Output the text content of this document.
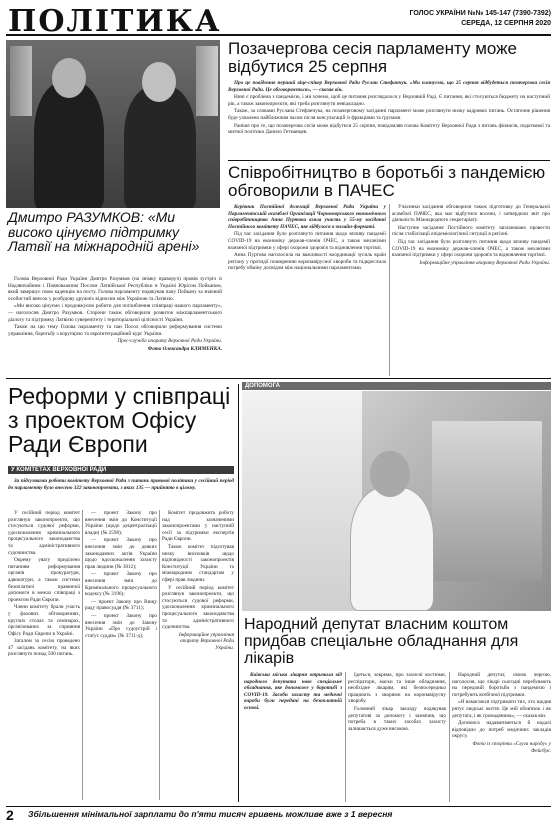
ПОЛІТИКА	ГОЛОС УКРАЇНИ №№ 145-147 (7390-7392)
СЕРЕДА, 12 СЕРПНЯ 2020
Позачергова сесія парламенту може відбутися 25 серпня

Про це повідомив перший віце-спікер Верховної Ради Руслан Стефанчук. «Ми плануємо, що 25 серпня відбудеться позачергова сесія Верховної Ради. Це обговорюється», — сказав він.

Нині є проблема з пандемією, і ми хочемо, щоб це питання розглядалося у Верховній Раді. Є питання, які стосуються бюджету на наступний рік, а також законопроєкти, які треба розглянути невідкладно.

Також, за словами Руслана Стефанчука, на позачерговому засіданні парламент може розглянути низку кадрових питань. Остаточне рішення буде ухвалено найближчим часом після консультацій із фракціями та групами.

Раніше про те, що позачергова сесія може відбутися 25 серпня, повідомляв голова Комітету Верховної Ради з питань фінансів, податкової та митної політики Данило Гетманцев.

Співробітництво в боротьбі з пандемією обговорили в ПАЧЕС

Керівник Постійної делегації Верховної Ради України у Парламентській асамблеї Організації Чорноморського економічного співробітництва Анна Пуртова взяла участь у 55-му засіданні Постійного комітету ПАЧЕС, яке відбулося в онлайн-форматі.

Під час засідання було розглянуто питання щодо впливу пандемії COVID-19 на економіку держав-членів ОЧЕС, а також механізми взаємної підтримки у сфері охорони здоров'я та відновлення торгівлі.

Анна Пуртова наголосила на важливості координації зусиль країн регіону у протидії поширенню коронавірусної хвороби та підкреслила потребу обміну досвідом між національними парламентами.

Учасники засідання обговорили також підготовку до Генеральної асамблеї ПАЧЕС, яка має відбутися восени, і затвердили звіт про діяльність Міжнародного секретаріату.

Наступне засідання Постійного комітету заплановано провести після стабілізації епідеміологічної ситуації в регіоні.

Під час засідання було розглянуто питання щодо впливу пандемії COVID-19 на економіку держав-членів ОЧЕС, а також механізми взаємної підтримки у сфері охорони здоров'я та відновлення торгівлі.

Інформаційне управління апарату Верховної Ради України.

Дмитро РАЗУМКОВ: «Ми високо цінуємо підтримку Латвії на міжнародній арені»

Голова Верховної Ради України Дмитро Разумков (на знімку праворуч) провів зустріч із Надзвичайним і Повноважним Послом Латвійської Республіки в Україні Юрісом Пойканом, який завершує свою каденцію на посту. Голова парламенту подякував пану Пойкану за значний особистий внесок у розбудову дружніх відносин між Україною та Латвією.

«Ми високо цінуємо і продовжуємо робити для поглиблення співпраці нашого парламенту», — наголосив Дмитро Разумков. Сторони також обговорили розвиток міжпарламентського діалогу та підтримку Латвією суверенітету і територіальної цілісності України.

Також на цю тему Голова парламенту та пан Посол обговорили реформування системи управління, боротьбу з корупцією та євроінтеграційний курс України.

Прес-служба апарату Верховної Ради України.

Фото Олександра КЛИМЕНКА.

Реформи у співпраці з проектом Офісу Ради Європи
У КОМІТЕТАХ ВЕРХОВНОЇ РАДИ

За підсумками роботи комітету Верховної Ради з питань правової політики у сесійний період до парламенту було внесено 322 законопроекти, з яких 135 — прийнято в цілому.

У сесійний період комітет розглянув законопроекти, що стосуються судової реформи, удосконалення кримінального процесуального законодавства та адміністративного судочинства.

Окрему увагу приділено питанням реформування органів прокуратури, адвокатури, а також системи безоплатної правничої допомоги в межах співпраці з проектом Ради Європи.

Члени комітету брали участь у фахових обговореннях, круглих столах та семінарах, організованих за сприяння Офісу Ради Європи в Україні.

Загалом за сесію проведено 47 засідань комітету, на яких розглянуто понад 500 питань.

— проект Закону про внесення змін до Конституції України (щодо децентралізації влади) (№ 2598);

— проект Закону про внесення змін до деяких законодавчих актів України щодо вдосконалення захисту прав людини (№ 3012);

— проект Закону про внесення змін до Кримінального процесуального кодексу (№ 3196);

— проект Закону про Вищу раду правосуддя (№ 3711);

— проект Закону про внесення змін до Закону України «Про судоустрій і статус суддів» (№ 3711-д);

Комітет продовжить роботу над зазначеними законопроектами у наступній сесії за підтримки експертів Ради Європи.

Також комітет підготував низку висновків щодо відповідності законопроектів Конституції України та міжнародним стандартам у сфері прав людини.

У сесійний період комітет розглянув законопроекти, що стосуються судової реформи, удосконалення кримінального процесуального законодавства та адміністративного судочинства.

Інформаційне управління апарату Верховної Ради України.

ДОПОМОГА
Народний депутат власним коштом придбав спеціальне обладнання для лікарів

Київська міська лікарня отримала від народного депутата нове спеціальне обладнання, яке допоможе у боротьбі з COVID-19. Засоби захисту та медичні вироби були передані на безоплатній основі.

Ідеться, зокрема, про захисні костюми, респіратори, маски та інше обладнання, необхідне лікарям, які безпосередньо працюють з хворими на коронавірусну хворобу.

Головний лікар закладу подякував депутатові за допомогу і зазначив, що потреба в таких засобах захисту залишається дуже високою.

Народний депутат, своєю чергою, наголосив, що лікарі сьогодні перебувають на передовій боротьби з пандемією і потребують всебічної підтримки.

«Я намагаюся підтримати тих, хто щодня рятує людські життя. Це мій обов'язок і як депутата, і як громадянина», — сказав він.

Допомога надаватиметься й надалі відповідно до потреб медичних закладів округу.

Фото із сторінки «Слуга народу» у Фейсбук.

2 Збільшення мінімальної зарплати до п'яти тисяч гривень можливе вже з 1 вересня
